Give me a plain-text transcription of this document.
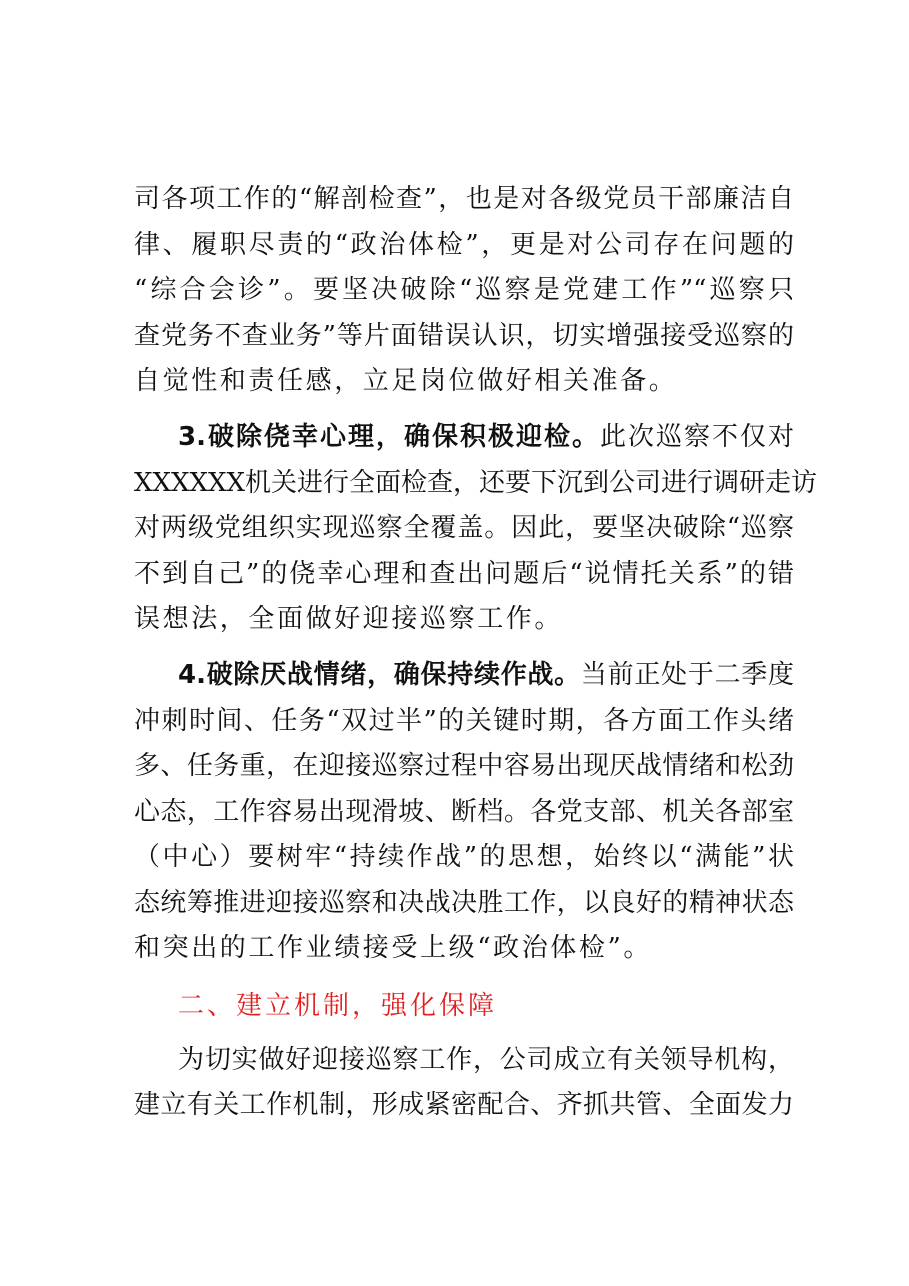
司各项工作的“解剖检查”，也是对各级党员干部廉洁自
律、履职尽责的“政治体检”，更是对公司存在问题的
“综合会诊”。要坚决破除“巡察是党建工作”“巡察只
查党务不查业务”等片面错误认识，切实增强接受巡察的
自觉性和责任感，立足岗位做好相关准备。
3.破除侥幸心理，确保积极迎检。此次巡察不仅对
XXXXXX机关进行全面检查，还要下沉到公司进行调研走访
对两级党组织实现巡察全覆盖。因此，要坚决破除“巡察
不到自己”的侥幸心理和查出问题后“说情托关系”的错
误想法，全面做好迎接巡察工作。
4.破除厌战情绪，确保持续作战。当前正处于二季度
冲刺时间、任务“双过半”的关键时期，各方面工作头绪
多、任务重，在迎接巡察过程中容易出现厌战情绪和松劲
心态，工作容易出现滑坡、断档。各党支部、机关各部室
（中心）要树牢“持续作战”的思想，始终以“满能”状
态统筹推进迎接巡察和决战决胜工作，以良好的精神状态
和突出的工作业绩接受上级“政治体检”。
二、建立机制，强化保障
为切实做好迎接巡察工作，公司成立有关领导机构，
建立有关工作机制，形成紧密配合、齐抓共管、全面发力
